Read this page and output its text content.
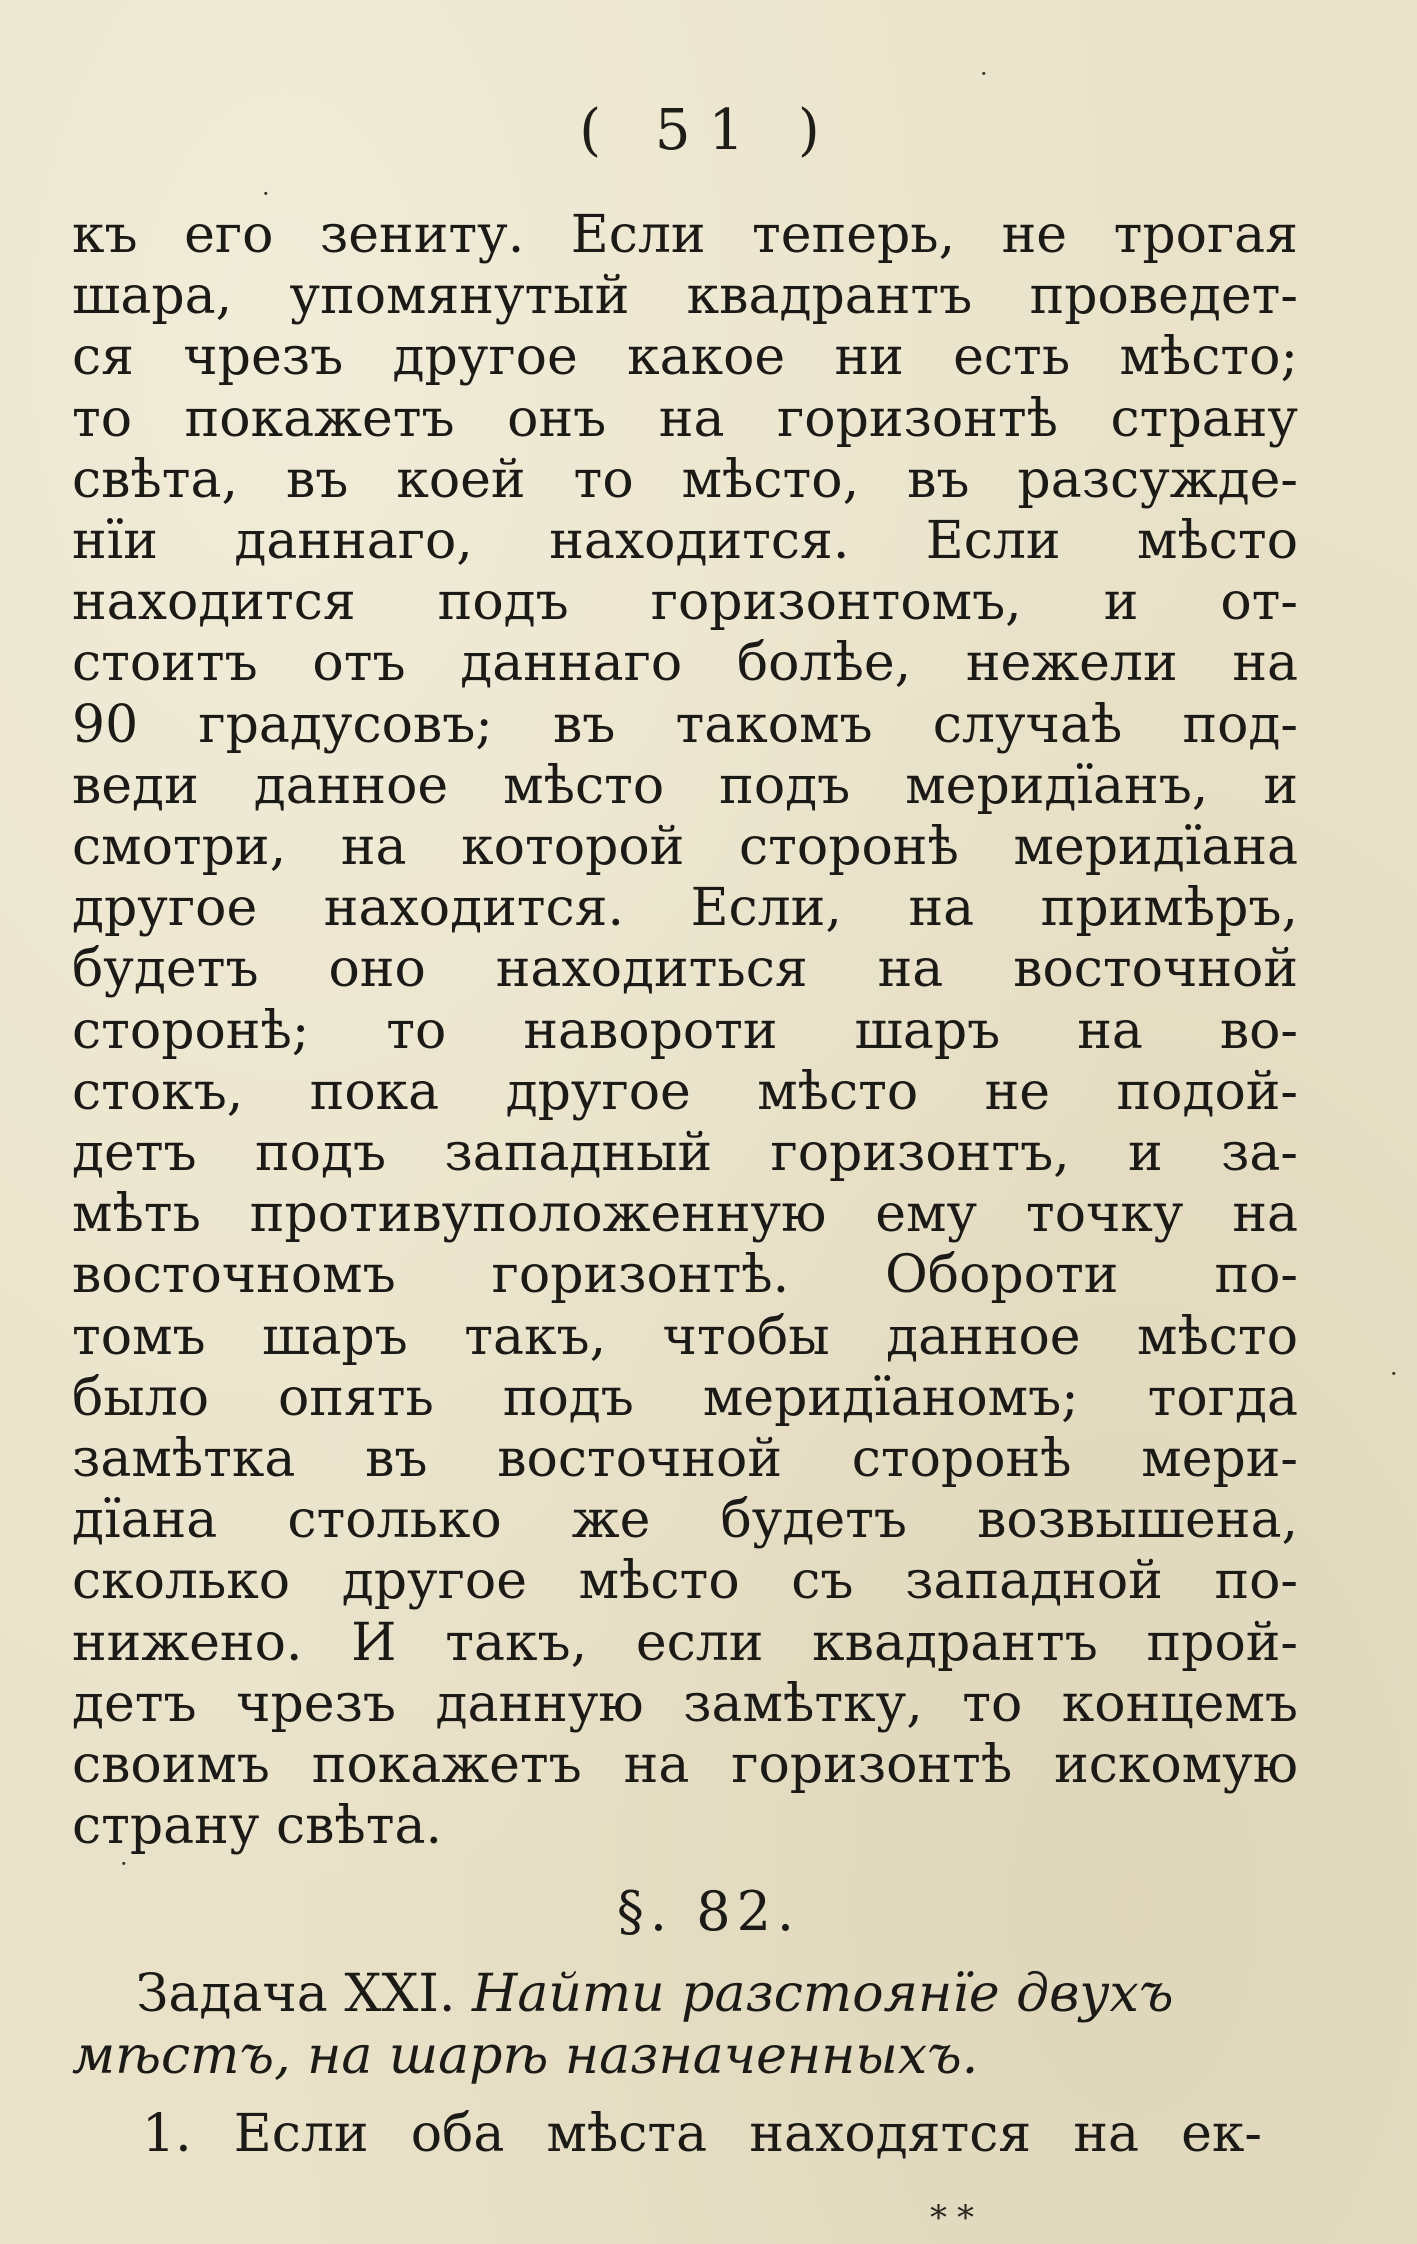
( 51 )
къ его зениту. Если теперь, не трогая
шара, упомянутый квадрантъ проведет-
ся чрезъ другое какое ни есть мѣсто;
то покажетъ онъ на горизонтѣ страну
свѣта, въ коей то мѣсто, въ разсужде-
нїи даннаго, находится. Если мѣсто
находится подъ горизонтомъ, и от-
стоитъ отъ даннаго болѣе, нежели на
90 градусовъ; въ такомъ случаѣ под-
веди данное мѣсто подъ меридїанъ, и
смотри, на которой сторонѣ меридїана
другое находится. Если, на примѣръ,
будетъ оно находиться на восточной
сторонѣ; то навороти шаръ на во-
стокъ, пока другое мѣсто не подой-
детъ подъ западный горизонтъ, и за-
мѣть противуположенную ему точку на
восточномъ горизонтѣ. Обороти по-
томъ шаръ такъ, чтобы данное мѣсто
было опять подъ меридїаномъ; тогда
замѣтка въ восточной сторонѣ мери-
дїана столько же будетъ возвышена,
сколько другое мѣсто съ западной по-
нижено. И такъ, если квадрантъ прой-
детъ чрезъ данную замѣтку, то концемъ
своимъ покажетъ на горизонтѣ искомую
страну свѣта.
§. 82.
Задача XXI. Найти разстоянїе двухъ
мѣстъ, на шарѣ назначенныхъ.
1. Если оба мѣста находятся на ек-
**
·
·
·
·
